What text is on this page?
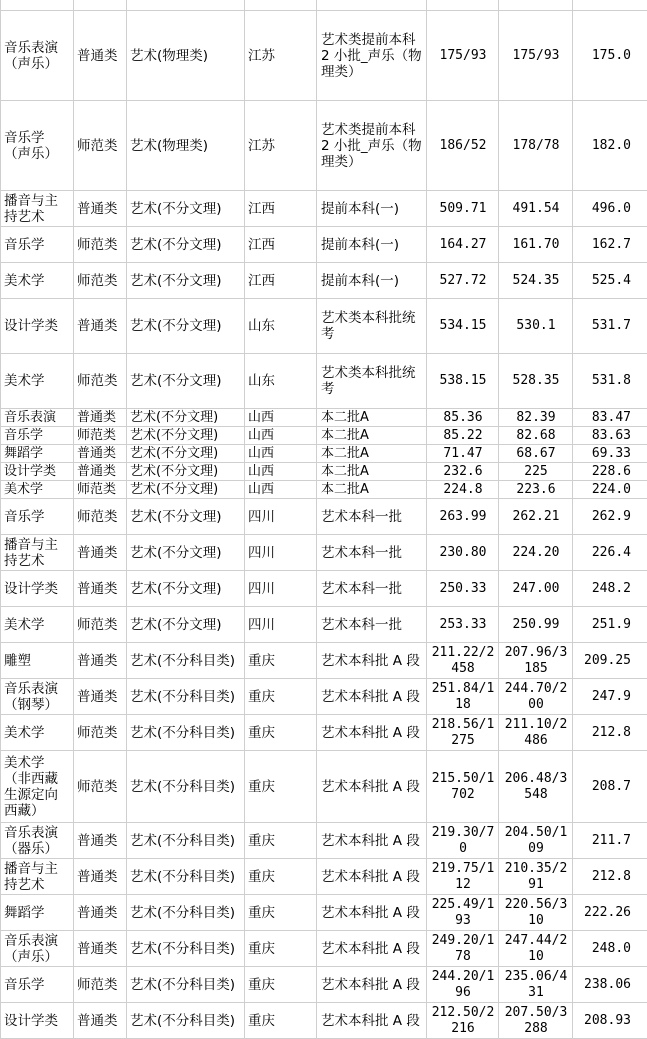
音乐表演（声乐）	普通类	艺术(物理类)	江苏	艺术类提前本科2 小批_声乐（物理类）	175/93	175/93	175.0
音乐学（声乐）	师范类	艺术(物理类)	江苏	艺术类提前本科2 小批_声乐（物理类）	186/52	178/78	182.0
播音与主持艺术	普通类	艺术(不分文理)	江西	提前本科(一)	509.71	491.54	496.0
音乐学	师范类	艺术(不分文理)	江西	提前本科(一)	164.27	161.70	162.7
美术学	师范类	艺术(不分文理)	江西	提前本科(一)	527.72	524.35	525.4
设计学类	普通类	艺术(不分文理)	山东	艺术类本科批统考	534.15	530.1	531.7
美术学	师范类	艺术(不分文理)	山东	艺术类本科批统考	538.15	528.35	531.8
音乐表演	普通类	艺术(不分文理)	山西	本二批A	85.36	82.39	83.47
音乐学	师范类	艺术(不分文理)	山西	本二批A	85.22	82.68	83.63
舞蹈学	普通类	艺术(不分文理)	山西	本二批A	71.47	68.67	69.33
设计学类	普通类	艺术(不分文理)	山西	本二批A	232.6	225	228.6
美术学	师范类	艺术(不分文理)	山西	本二批A	224.8	223.6	224.0
音乐学	师范类	艺术(不分文理)	四川	艺术本科一批	263.99	262.21	262.9
播音与主持艺术	普通类	艺术(不分文理)	四川	艺术本科一批	230.80	224.20	226.4
设计学类	普通类	艺术(不分文理)	四川	艺术本科一批	250.33	247.00	248.2
美术学	师范类	艺术(不分文理)	四川	艺术本科一批	253.33	250.99	251.9
雕塑	普通类	艺术(不分科目类)	重庆	艺术本科批 A 段	211.22/2458	207.96/3185	209.25
音乐表演（钢琴）	普通类	艺术(不分科目类)	重庆	艺术本科批 A 段	251.84/118	244.70/200	247.9
美术学	师范类	艺术(不分科目类)	重庆	艺术本科批 A 段	218.56/1275	211.10/2486	212.8
美术学（非西藏生源定向西藏）	师范类	艺术(不分科目类)	重庆	艺术本科批 A 段	215.50/1702	206.48/3548	208.7
音乐表演（器乐）	普通类	艺术(不分科目类)	重庆	艺术本科批 A 段	219.30/70	204.50/109	211.7
播音与主持艺术	普通类	艺术(不分科目类)	重庆	艺术本科批 A 段	219.75/112	210.35/291	212.8
舞蹈学	普通类	艺术(不分科目类)	重庆	艺术本科批 A 段	225.49/193	220.56/310	222.26
音乐表演（声乐）	普通类	艺术(不分科目类)	重庆	艺术本科批 A 段	249.20/178	247.44/210	248.0
音乐学	师范类	艺术(不分科目类)	重庆	艺术本科批 A 段	244.20/196	235.06/431	238.06
设计学类	普通类	艺术(不分科目类)	重庆	艺术本科批 A 段	212.50/2216	207.50/3288	208.93
